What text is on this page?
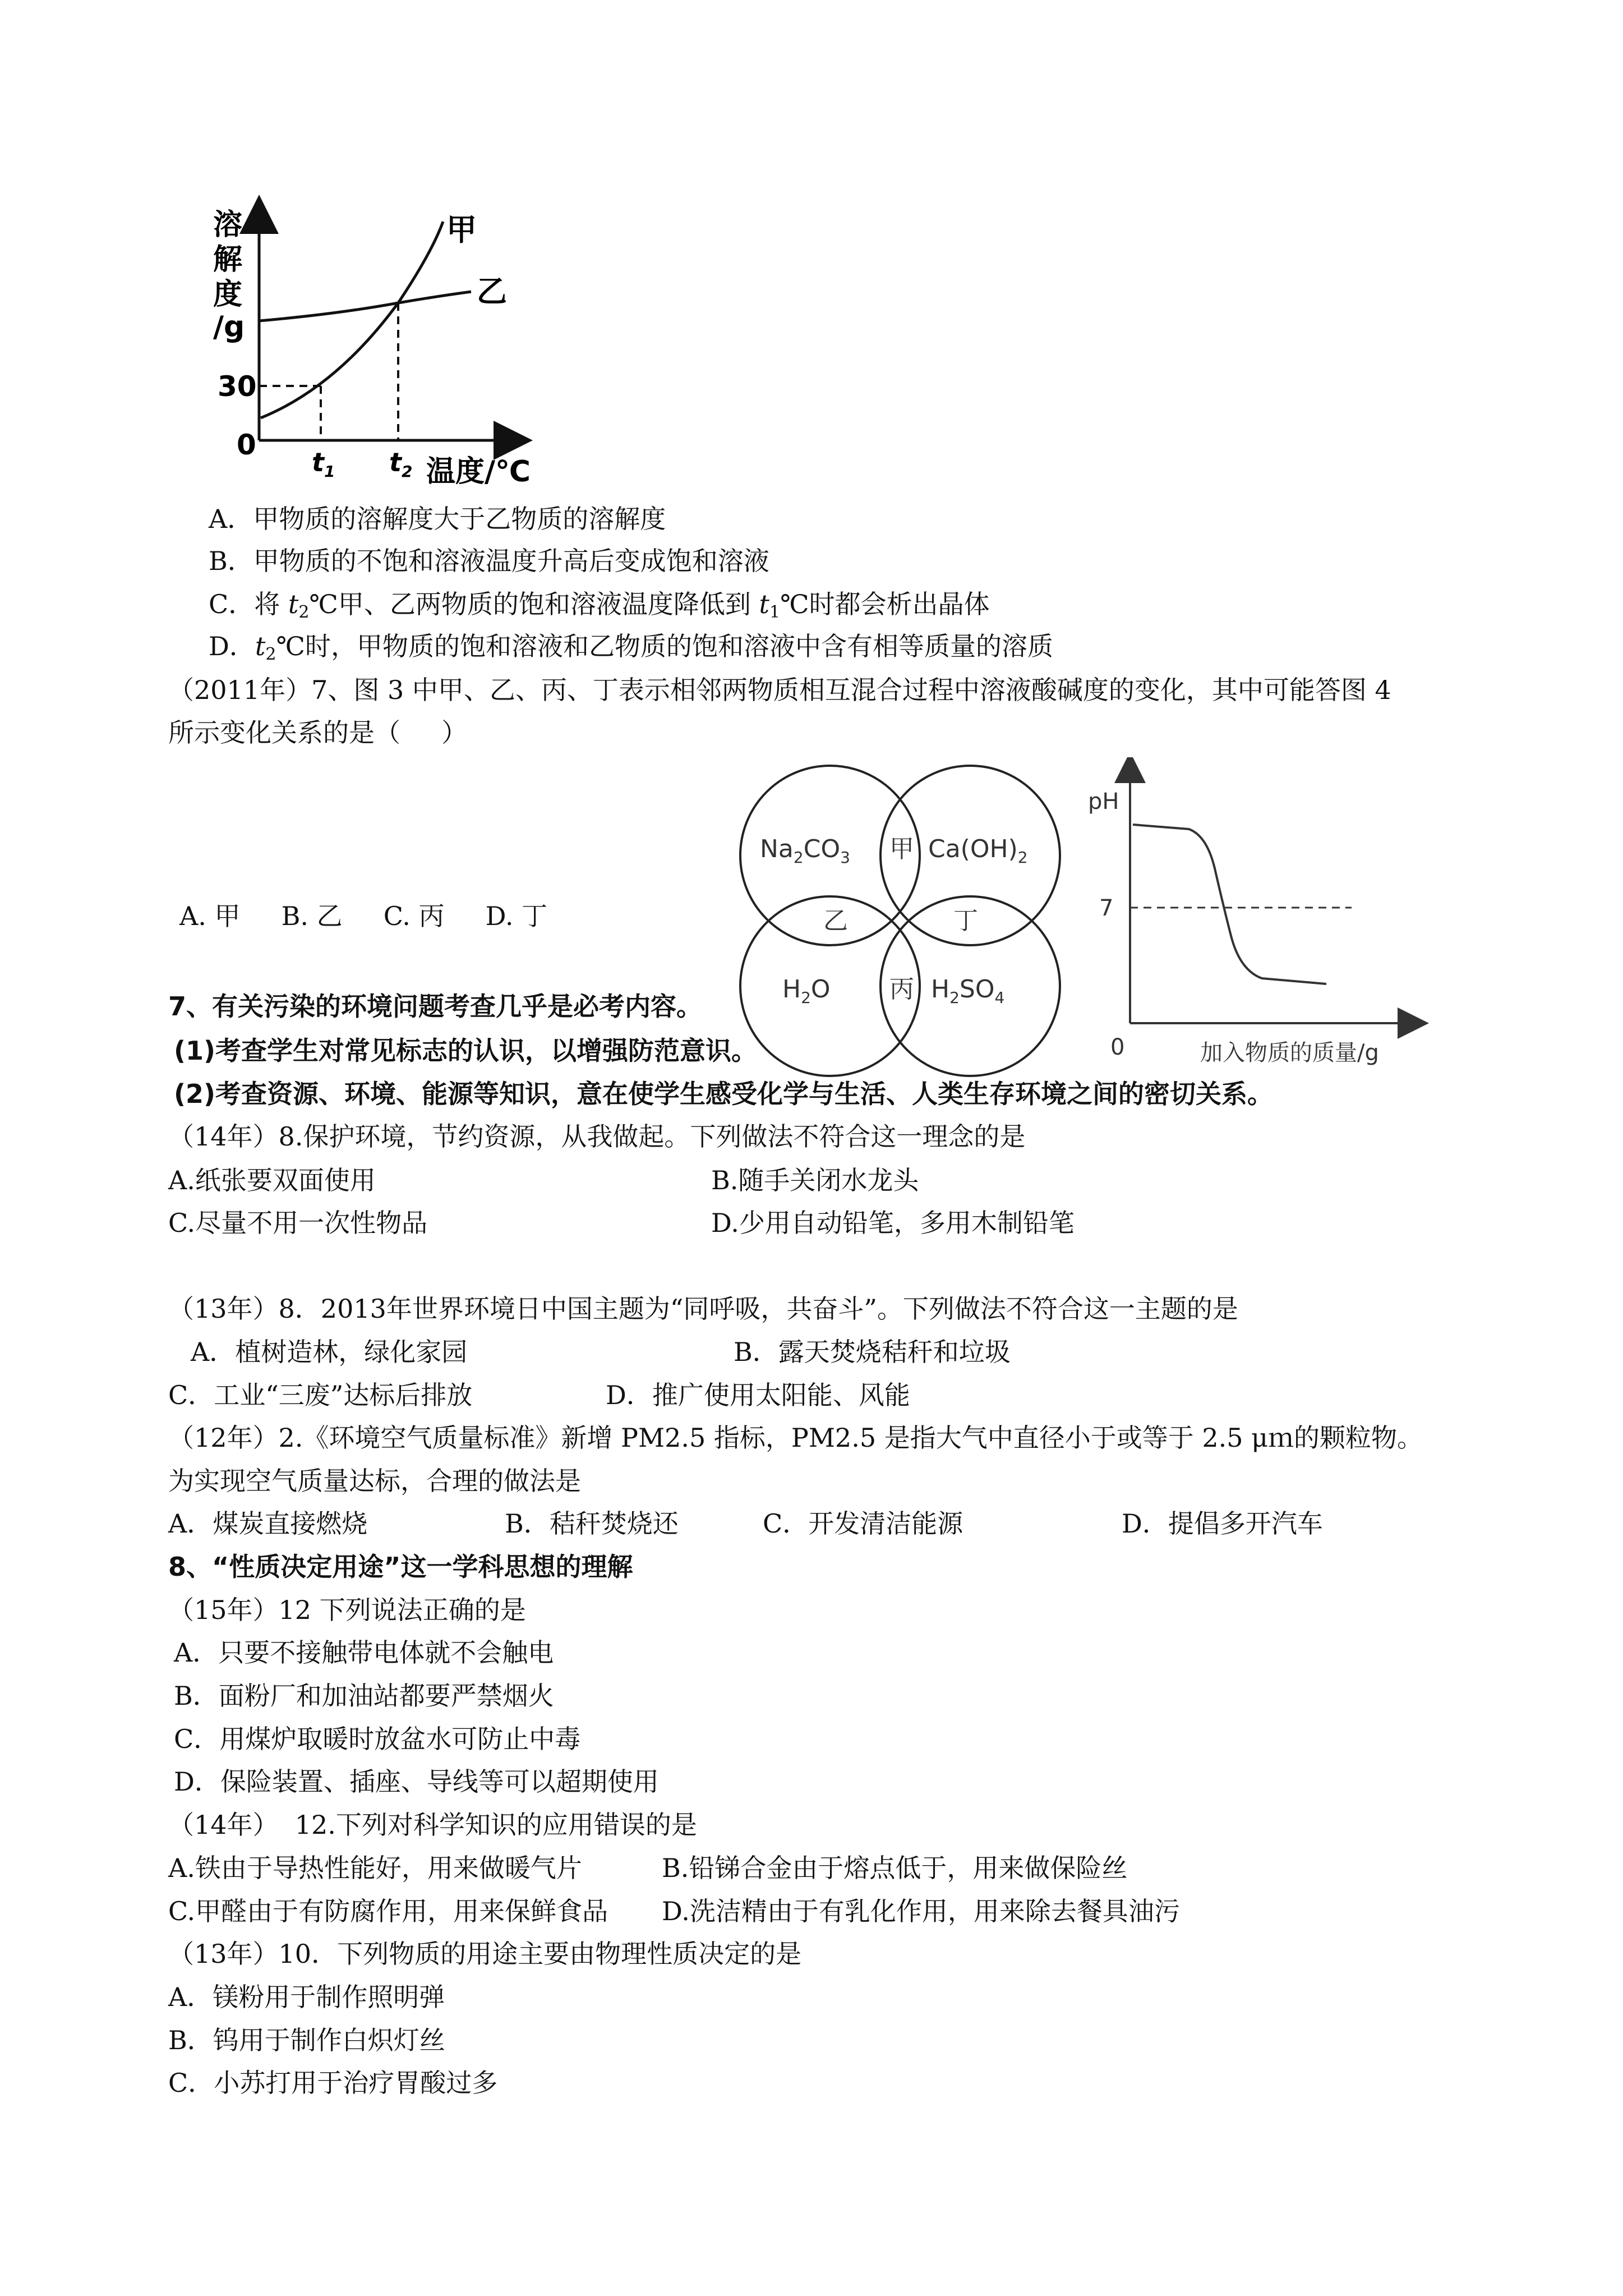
溶
解
度
/g
30
0
$t_1$ $t_2$ 温度/℃
甲
乙
A．甲物质的溶解度大于乙物质的溶解度
B．甲物质的不饱和溶液温度升高后变成饱和溶液
C．将 $t_2℃$甲、乙两物质的饱和溶液温度降低到 $t_1℃$时都会析出晶体
D．$t_2℃$时，甲物质的饱和溶液和乙物质的饱和溶液中含有相等质量的溶质
（2011年）7、图 3 中甲、乙、丙、丁表示相邻两物质相互混合过程中溶液酸碱度的变化，其中可能答图 4
所示变化关系的是（     ）
A. 甲     B. 乙     C. 丙     D. 丁
$Na_2CO_3$	$Ca(OH)_2$
$H_2O$	$H_2SO_4$
甲
乙	丁
丙
pH
7
0	加入物质的质量/g
7、有关污染的环境问题考查几乎是必考内容。
(1)考查学生对常见标志的认识，以增强防范意识。
(2)考查资源、环境、能源等知识，意在使学生感受化学与生活、人类生存环境之间的密切关系。
（14年）8.保护环境，节约资源，从我做起。下列做法不符合这一理念的是
A.纸张要双面使用	B.随手关闭水龙头
C.尽量不用一次性物品	D.少用自动铅笔，多用木制铅笔
（13年）8．2013年世界环境日中国主题为“同呼吸，共奋斗”。下列做法不符合这一主题的是
A．植树造林，绿化家园	B．露天焚烧秸秆和垃圾
C．工业“三废”达标后排放	D．推广使用太阳能、风能
（12年）2.《环境空气质量标准》新增 PM2.5 指标，PM2.5 是指大气中直径小于或等于 2.5 μｍ的颗粒物。
为实现空气质量达标，合理的做法是
A．煤炭直接燃烧	B．秸秆焚烧还	C．开发清洁能源	D．提倡多开汽车
8、“性质决定用途”这一学科思想的理解
（15年）12 下列说法正确的是
A．只要不接触带电体就不会触电
B．面粉厂和加油站都要严禁烟火
C．用煤炉取暖时放盆水可防止中毒
D．保险装置、插座、导线等可以超期使用
（14年）  12.下列对科学知识的应用错误的是
A.铁由于导热性能好，用来做暖气片	B.铅锑合金由于熔点低于，用来做保险丝
C.甲醛由于有防腐作用，用来保鲜食品 D.洗洁精由于有乳化作用，用来除去餐具油污
（13年）10．下列物质的用途主要由物理性质决定的是
A．镁粉用于制作照明弹
B．钨用于制作白炽灯丝
C．小苏打用于治疗胃酸过多
